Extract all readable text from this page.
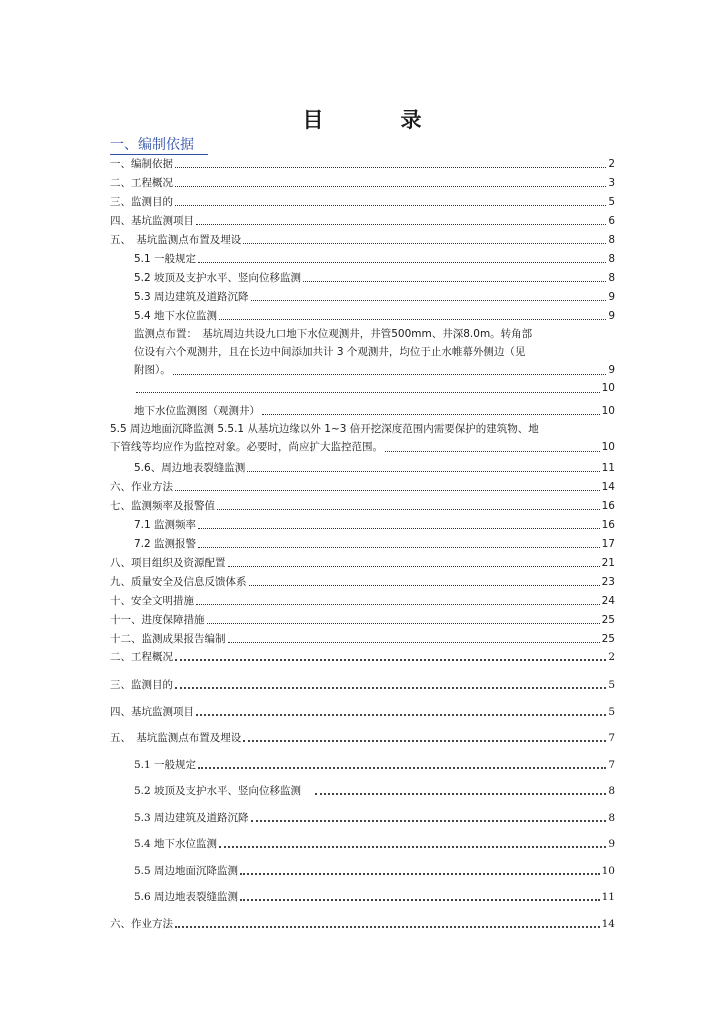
目　录
一、编制依据
一、编制依据	2
二、工程概况	3
三、监测目的	5
四、基坑监测项目	6
五、　基坑监测点布置及埋设	8
5.1 一般规定	8
5.2 坡顶及支护水平、竖向位移监测	8
5.3 周边建筑及道路沉降	9
5.4 地下水位监测	9
监测点布置：　基坑周边共设九口地下水位观测井，井管500mm、井深8.0m。转角部
位设有六个观测井，且在长边中间添加共计 3 个观测井，均位于止水帷幕外侧边（见
附图）。	9
10
地下水位监测图（观测井）	10
5.5 周边地面沉降监测 5.5.1 从基坑边缘以外 1~3 倍开挖深度范围内需要保护的建筑物、地
下管线等均应作为监控对象。必要时，尚应扩大监控范围。	10
5.6、周边地表裂缝监测	11
六、作业方法	14
七、监测频率及报警值	16
7.1 监测频率	16
7.2 监测报警	17
八、项目组织及资源配置	21
九、质量安全及信息反馈体系	23
十、安全文明措施	24
十一、进度保障措施	25
十二、监测成果报告编制	25
二、工程概况	2
三、监测目的	5
四、基坑监测项目	5
五、　基坑监测点布置及埋设	7
5.1 一般规定	7
5.2 坡顶及支护水平、竖向位移监测	8
5.3 周边建筑及道路沉降	8
5.4 地下水位监测	9
5.5 周边地面沉降监测	10
5.6 周边地表裂缝监测	11
六、作业方法	14
